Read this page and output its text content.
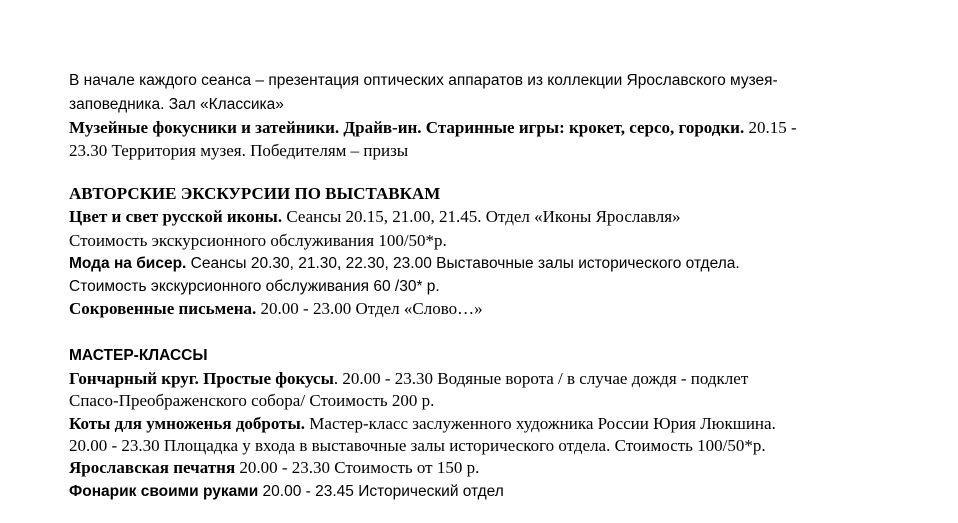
В начале каждого сеанса – презентация оптических аппаратов из коллекции Ярославского музея-
заповедника. Зал «Классика»
Музейные фокусники и затейники. Драйв-ин. Старинные игры: крокет, серсо, городки. 20.15 -
23.30 Территория музея. Победителям – призы
АВТОРСКИЕ ЭКСКУРСИИ ПО ВЫСТАВКАМ
Цвет и свет русской иконы. Сеансы 20.15, 21.00, 21.45. Отдел «Иконы Ярославля»
Стоимость экскурсионного обслуживания 100/50*р.
Мода на бисер. Сеансы 20.30, 21.30, 22.30, 23.00 Выставочные залы исторического отдела.
Стоимость экскурсионного обслуживания 60 /30* р.
Сокровенные письмена. 20.00 - 23.00 Отдел «Слово…»
МАСТЕР-КЛАССЫ
Гончарный круг. Простые фокусы. 20.00 - 23.30 Водяные ворота / в случае дождя - подклет
Спасо-Преображенского собора/ Стоимость 200 р.
Коты для умноженья доброты. Мастер-класс заслуженного художника России Юрия Люкшина.
20.00 - 23.30 Площадка у входа в выставочные залы исторического отдела. Стоимость 100/50*р.
Ярославская печатня 20.00 - 23.30 Стоимость от 150 р.
Фонарик своими руками 20.00 - 23.45 Исторический отдел
